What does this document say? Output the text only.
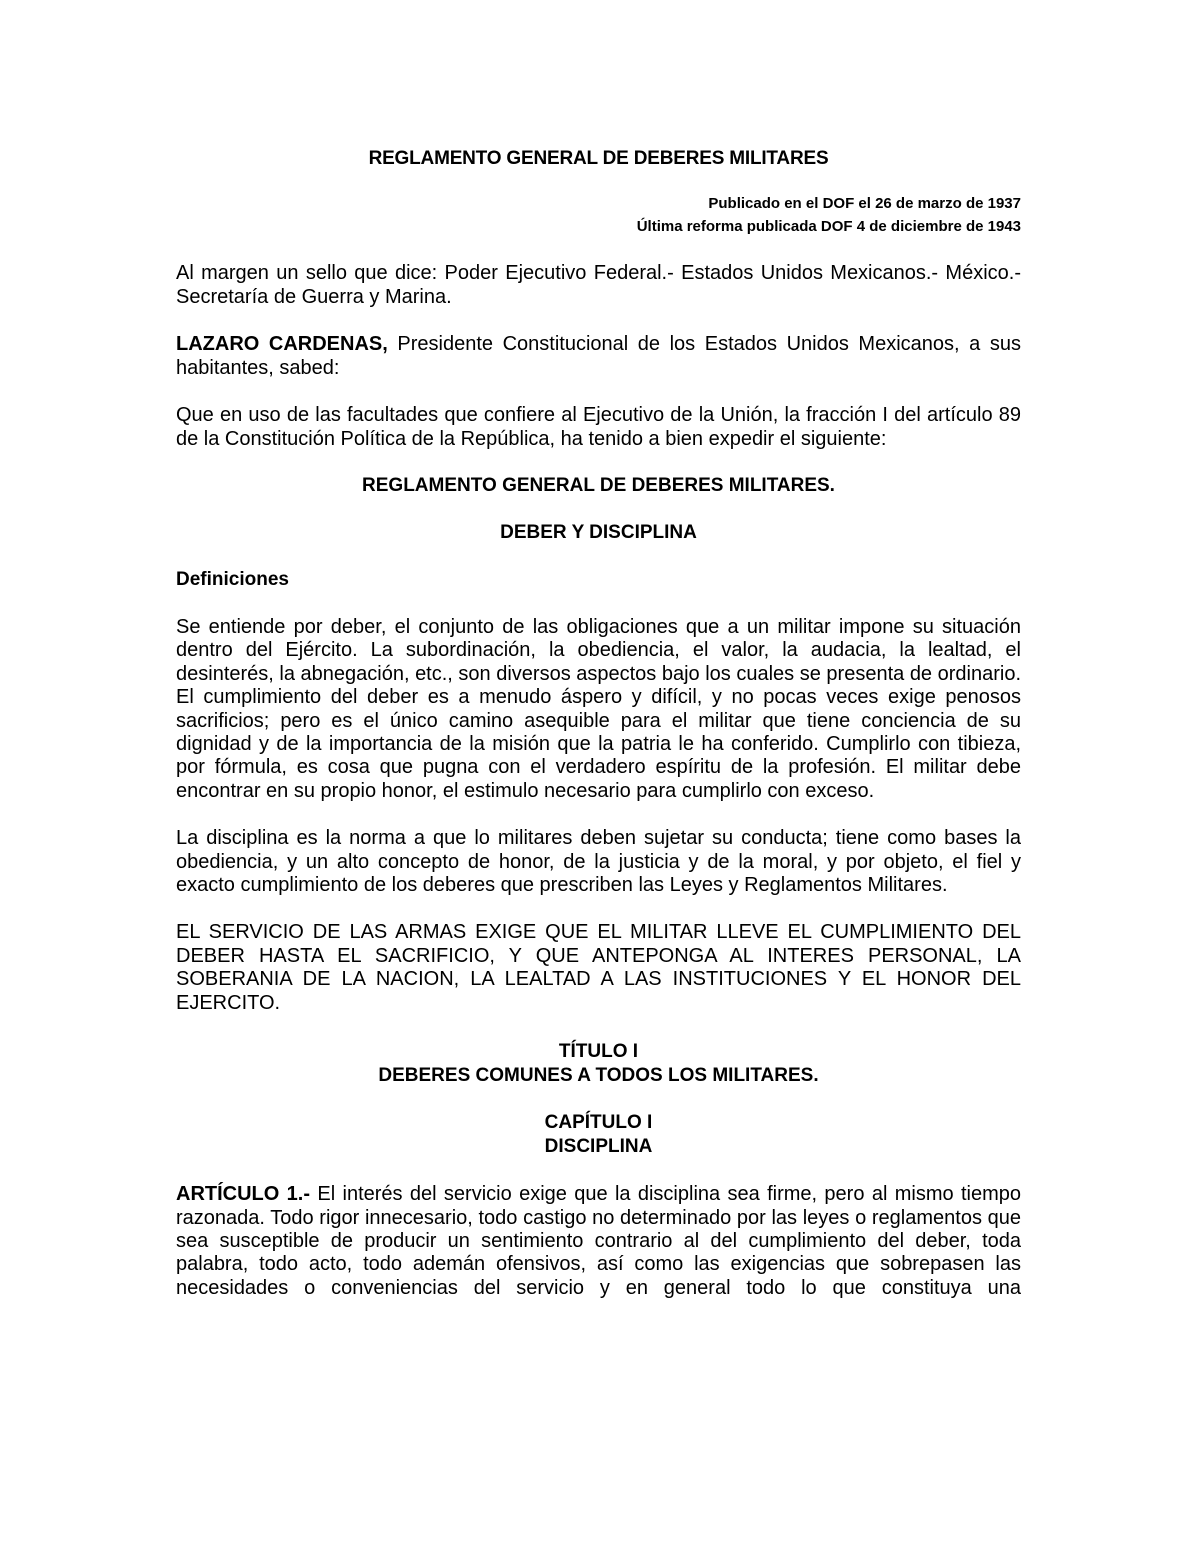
REGLAMENTO GENERAL DE DEBERES MILITARES
Publicado en el DOF el 26 de marzo de 1937
Última reforma publicada DOF 4 de diciembre de 1943

Al margen un sello que dice: Poder Ejecutivo Federal.- Estados Unidos Mexicanos.- México.- Secretaría de Guerra y Marina.

LAZARO CARDENAS, Presidente Constitucional de los Estados Unidos Mexicanos, a sus habitantes, sabed:

Que en uso de las facultades que confiere al Ejecutivo de la Unión, la fracción I del artículo 89 de la Constitución Política de la República, ha tenido a bien expedir el siguiente:

REGLAMENTO GENERAL DE DEBERES MILITARES.
DEBER Y DISCIPLINA
Definiciones

Se entiende por deber, el conjunto de las obligaciones que a un militar impone su situación dentro del Ejército. La subordinación, la obediencia, el valor, la audacia, la lealtad, el desinterés, la abnegación, etc., son diversos aspectos bajo los cuales se presenta de ordinario. El cumplimiento del deber es a menudo áspero y difícil, y no pocas veces exige penosos sacrificios; pero es el único camino asequible para el militar que tiene conciencia de su dignidad y de la importancia de la misión que la patria le ha conferido. Cumplirlo con tibieza, por fórmula, es cosa que pugna con el verdadero espíritu de la profesión. El militar debe encontrar en su propio honor, el estimulo necesario para cumplirlo con exceso.

La disciplina es la norma a que lo militares deben sujetar su conducta; tiene como bases la obediencia, y un alto concepto de honor, de la justicia y de la moral, y por objeto, el fiel y exacto cumplimiento de los deberes que prescriben las Leyes y Reglamentos Militares.

EL SERVICIO DE LAS ARMAS EXIGE QUE EL MILITAR LLEVE EL CUMPLIMIENTO DEL DEBER HASTA EL SACRIFICIO, Y QUE ANTEPONGA AL INTERES PERSONAL, LA SOBERANIA DE LA NACION, LA LEALTAD A LAS INSTITUCIONES Y EL HONOR DEL EJERCITO.

TÍTULO I
DEBERES COMUNES A TODOS LOS MILITARES.
CAPÍTULO I
DISCIPLINA

ARTÍCULO 1.- El interés del servicio exige que la disciplina sea firme, pero al mismo tiempo razonada. Todo rigor innecesario, todo castigo no determinado por las leyes o reglamentos que sea susceptible de producir un sentimiento contrario al del cumplimiento del deber, toda palabra, todo acto, todo ademán ofensivos, así como las exigencias que sobrepasen las necesidades o conveniencias del servicio y en general todo lo que constituya una
